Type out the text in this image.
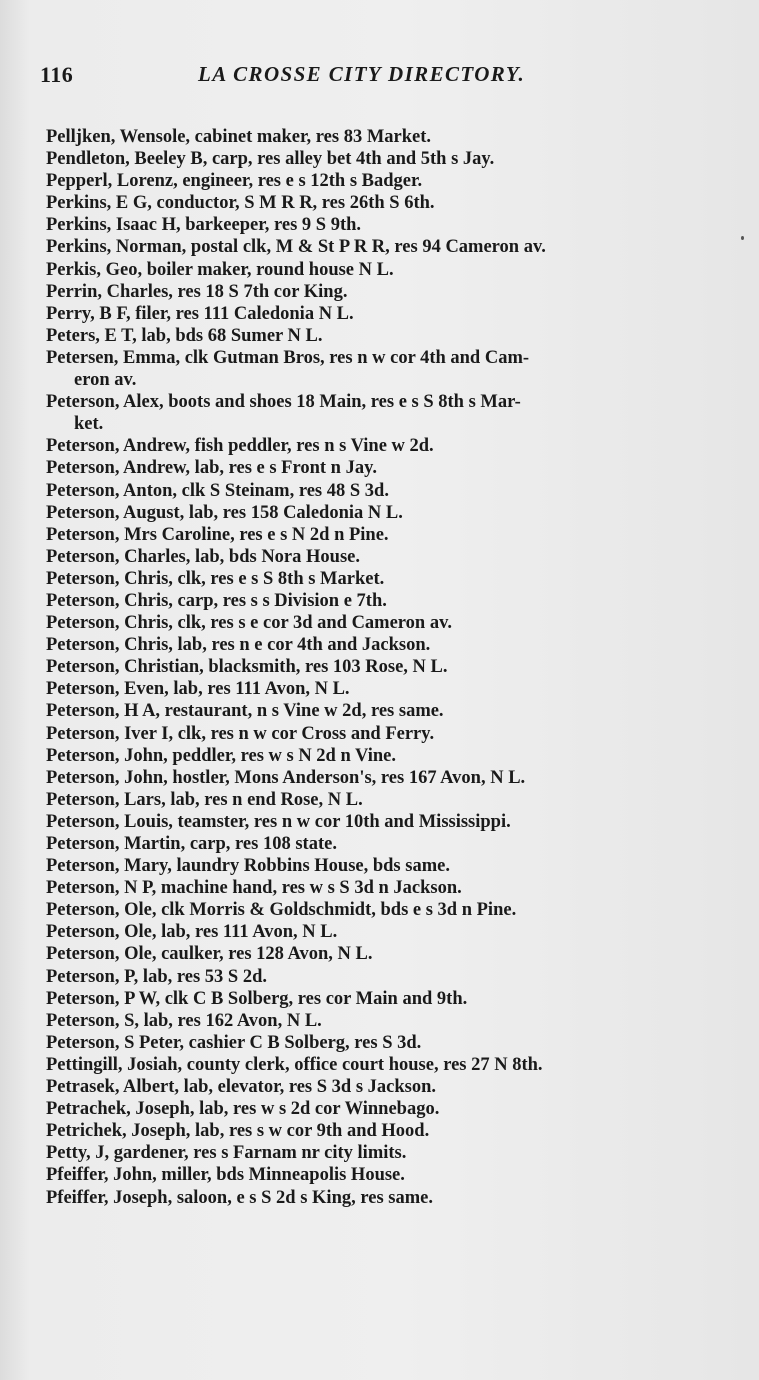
116	LA CROSSE CITY DIRECTORY.
Pelljken, Wensole, cabinet maker, res 83 Market.
Pendleton, Beeley B, carp, res alley bet 4th and 5th s Jay.
Pepperl, Lorenz, engineer, res e s 12th s Badger.
Perkins, E G, conductor, S M R R, res 26th S 6th.
Perkins, Isaac H, barkeeper, res 9 S 9th.
Perkins, Norman, postal clk, M & St P R R, res 94 Cameron av.
Perkis, Geo, boiler maker, round house N L.
Perrin, Charles, res 18 S 7th cor King.
Perry, B F, filer, res 111 Caledonia N L.
Peters, E T, lab, bds 68 Sumer N L.
Petersen, Emma, clk Gutman Bros, res n w cor 4th and Cam-
eron av.
Peterson, Alex, boots and shoes 18 Main, res e s S 8th s Mar-
ket.
Peterson, Andrew, fish peddler, res n s Vine w 2d.
Peterson, Andrew, lab, res e s Front n Jay.
Peterson, Anton, clk S Steinam, res 48 S 3d.
Peterson, August, lab, res 158 Caledonia N L.
Peterson, Mrs Caroline, res e s N 2d n Pine.
Peterson, Charles, lab, bds Nora House.
Peterson, Chris, clk, res e s S 8th s Market.
Peterson, Chris, carp, res s s Division e 7th.
Peterson, Chris, clk, res s e cor 3d and Cameron av.
Peterson, Chris, lab, res n e cor 4th and Jackson.
Peterson, Christian, blacksmith, res 103 Rose, N L.
Peterson, Even, lab, res 111 Avon, N L.
Peterson, H A, restaurant, n s Vine w 2d, res same.
Peterson, Iver I, clk, res n w cor Cross and Ferry.
Peterson, John, peddler, res w s N 2d n Vine.
Peterson, John, hostler, Mons Anderson's, res 167 Avon, N L.
Peterson, Lars, lab, res n end Rose, N L.
Peterson, Louis, teamster, res n w cor 10th and Mississippi.
Peterson, Martin, carp, res 108 state.
Peterson, Mary, laundry Robbins House, bds same.
Peterson, N P, machine hand, res w s S 3d n Jackson.
Peterson, Ole, clk Morris & Goldschmidt, bds e s 3d n Pine.
Peterson, Ole, lab, res 111 Avon, N L.
Peterson, Ole, caulker, res 128 Avon, N L.
Peterson, P, lab, res 53 S 2d.
Peterson, P W, clk C B Solberg, res cor Main and 9th.
Peterson, S, lab, res 162 Avon, N L.
Peterson, S Peter, cashier C B Solberg, res S 3d.
Pettingill, Josiah, county clerk, office court house, res 27 N 8th.
Petrasek, Albert, lab, elevator, res S 3d s Jackson.
Petrachek, Joseph, lab, res w s 2d cor Winnebago.
Petrichek, Joseph, lab, res s w cor 9th and Hood.
Petty, J, gardener, res s Farnam nr city limits.
Pfeiffer, John, miller, bds Minneapolis House.
Pfeiffer, Joseph, saloon, e s S 2d s King, res same.
